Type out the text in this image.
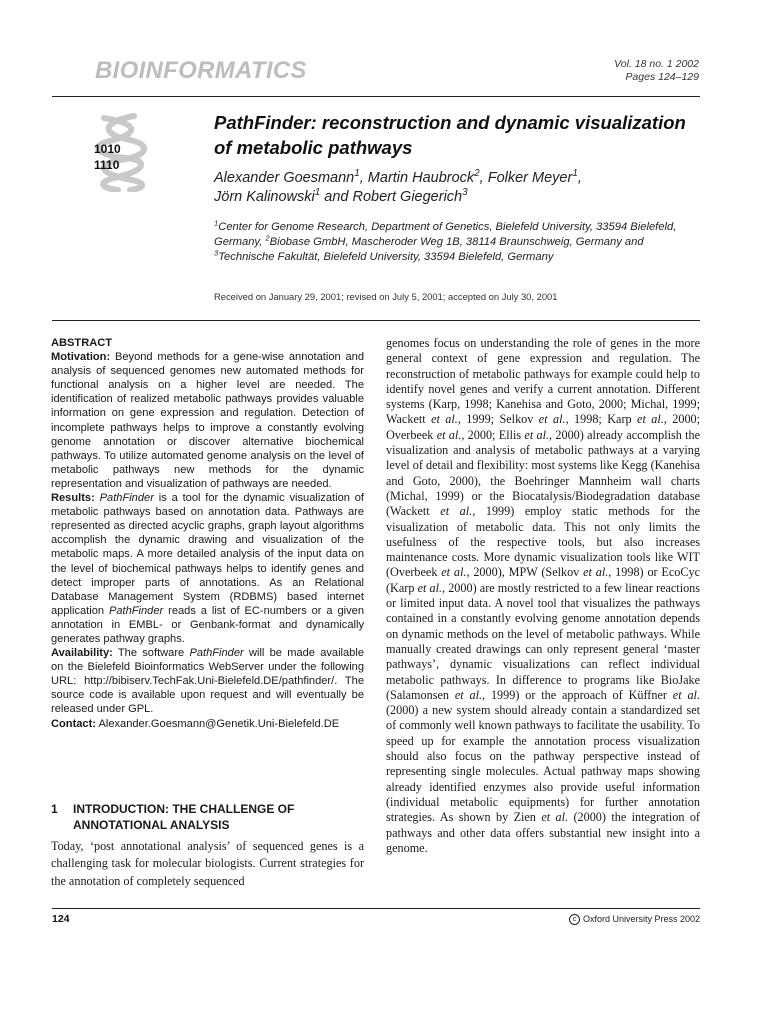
BIOINFORMATICS	Vol. 18 no. 1 2002
Pages 124–129
1010
1110
PathFinder: reconstruction and dynamic visualization of metabolic pathways
Alexander Goesmann$^1$, Martin Haubrock$^2$, Folker Meyer$^1$,
Jörn Kalinowski$^1$ and Robert Giegerich$^3$
$^1$Center for Genome Research, Department of Genetics, Bielefeld University, 33594 Bielefeld, Germany, $^2$Biobase GmbH, Mascheroder Weg 1B, 38114 Braunschweig, Germany and $^3$Technische Fakultät, Bielefeld University, 33594 Bielefeld, Germany
Received on January 29, 2001; revised on July 5, 2001; accepted on July 30, 2001
ABSTRACT

Motivation: Beyond methods for a gene-wise annotation and analysis of sequenced genomes new automated methods for functional analysis on a higher level are needed. The identification of realized metabolic pathways provides valuable information on gene expression and regulation. Detection of incomplete pathways helps to improve a constantly evolving genome annotation or discover alternative biochemical pathways. To utilize automated genome analysis on the level of metabolic pathways new methods for the dynamic representation and visualization of pathways are needed.

Results: PathFinder is a tool for the dynamic visualization of metabolic pathways based on annotation data. Pathways are represented as directed acyclic graphs, graph layout algorithms accomplish the dynamic drawing and visualization of the metabolic maps. A more detailed analysis of the input data on the level of biochemical pathways helps to identify genes and detect improper parts of annotations. As an Relational Database Management System (RDBMS) based internet application PathFinder reads a list of EC-numbers or a given annotation in EMBL- or Genbank-format and dynamically generates pathway graphs.

Availability: The software PathFinder will be made available on the Bielefeld Bioinformatics WebServer under the following URL: http://bibiserv.TechFak.Uni-Bielefeld.DE/pathfinder/. The source code is available upon request and will eventually be released under GPL.

Contact: Alexander.Goesmann@Genetik.Uni-Bielefeld.DE

1 INTRODUCTION: THE CHALLENGE OF
ANNOTATIONAL ANALYSIS
Today, ‘post annotational analysis’ of sequenced genes is a challenging task for molecular biologists. Current strategies for the annotation of completely sequenced
genomes focus on understanding the role of genes in the more general context of gene expression and regulation. The reconstruction of metabolic pathways for example could help to identify novel genes and verify a current annotation. Different systems (Karp, 1998; Kanehisa and Goto, 2000; Michal, 1999; Wackett et al., 1999; Selkov et al., 1998; Karp et al., 2000; Overbeek et al., 2000; Ellis et al., 2000) already accomplish the visualization and analysis of metabolic pathways at a varying level of detail and flexibility: most systems like Kegg (Kanehisa and Goto, 2000), the Boehringer Mannheim wall charts (Michal, 1999) or the Biocatalysis/Biodegradation database (Wackett et al., 1999) employ static methods for the visualization of metabolic data. This not only limits the usefulness of the respective tools, but also increases maintenance costs. More dynamic visualization tools like WIT (Overbeek et al., 2000), MPW (Selkov et al., 1998) or EcoCyc (Karp et al., 2000) are mostly restricted to a few linear reactions or limited input data. A novel tool that visualizes the pathways contained in a constantly evolving genome annotation depends on dynamic methods on the level of metabolic pathways. While manually created drawings can only represent general ‘master pathways’, dynamic visualizations can reflect individual metabolic pathways. In difference to programs like BioJake (Salamonsen et al., 1999) or the approach of Küffner et al. (2000) a new system should already contain a standardized set of commonly well known pathways to facilitate the usability. To speed up for example the annotation process visualization should also focus on the pathway perspective instead of representing single molecules. Actual pathway maps showing already identified enzymes also provide useful information (individual metabolic equipments) for further annotation strategies. As shown by Zien et al. (2000) the integration of pathways and other data offers substantial new insight into a genome.
124	c Oxford University Press 2002
